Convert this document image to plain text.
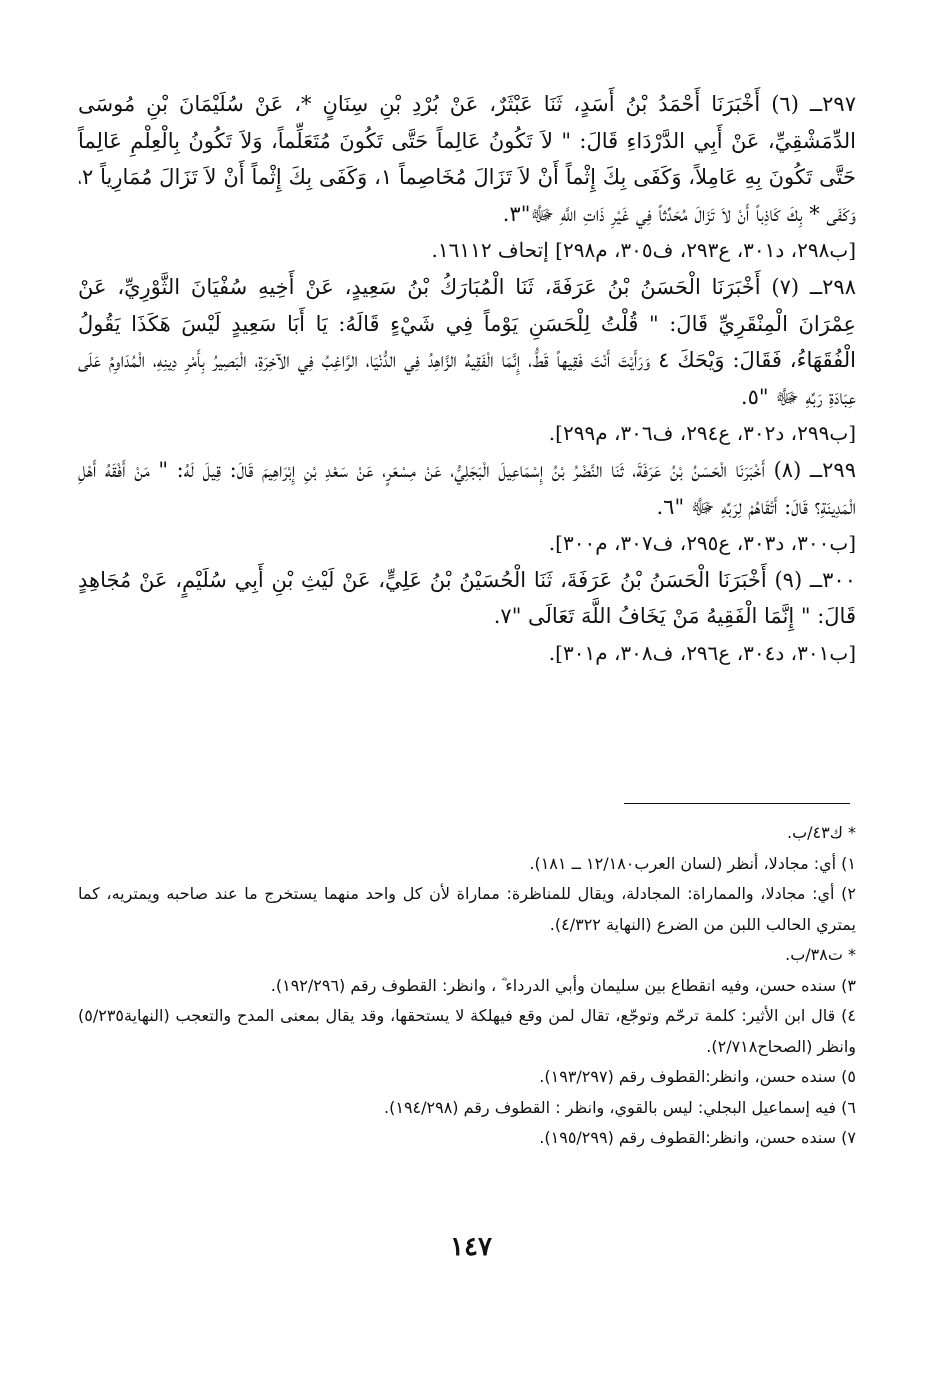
٢٩٧ــ (٦) أَخْبَرَنَا أَحْمَدُ بْنُ أَسَدٍ، ثَنَا عَبْثَرٌ، عَنْ بُرْدِ بْنِ سِنَانٍ *، عَنْ سُلَيْمَانَ بْنِ مُوسَى الدِّمَشْقِيِّ، عَنْ أَبِي الدَّرْدَاءِ قَالَ: " لاَ تَكُونُ عَالِماً حَتَّى تَكُونَ مُتَعَلِّماً، وَلاَ تَكُونُ بِالْعِلْمِ عَالِماً حَتَّى تَكُونَ بِهِ عَامِلاً، وَكَفَى بِكَ إِثْماً أَنْ لاَ تَزَالَ مُخَاصِماً ١، وَكَفَى بِكَ إِثْماً أَنْ لاَ تَزَالَ مُمَارِياً ٢، وَكَفَى * بِكَ كَاذِباً أَنْ لاَ تَزَالَ مُحَدِّثاً فِي غَيْرِ ذَاتِ اللَّهِ ﷻ"٣.

[ب٢٩٨، د٣٠١، ع٢٩٣، ف٣٠٥، م٢٩٨] إتحاف ١٦١١٢.

٢٩٨ــ (٧) أَخْبَرَنَا الْحَسَنُ بْنُ عَرَفَةَ، ثَنَا الْمُبَارَكُ بْنُ سَعِيدٍ، عَنْ أَخِيهِ سُفْيَانَ الثَّوْرِيِّ، عَنْ عِمْرَانَ الْمِنْقَرِيِّ قَالَ: " قُلْتُ لِلْحَسَنِ يَوْماً فِي شَيْءٍ قَالَهُ: يَا أَبَا سَعِيدٍ لَيْسَ هَكَذَا يَقُولُ الْفُقَهَاءُ، فَقَالَ: وَيْحَكَ ٤ وَرَأَيْتَ أَنْتَ فَقِيهاً قَطُّ، إِنَّمَا الْفَقِيهُ الزَّاهِدُ فِي الدُّنْيَا، الرَّاغِبُ فِي الآخِرَةِ، الْبَصِيرُ بِأَمْرِ دِينِهِ، الْمُدَاوِمُ عَلَى عِبَادَةِ رَبِّهِ ﷻ "٥.

[ب٢٩٩، د٣٠٢، ع٢٩٤، ف٣٠٦، م٢٩٩].

٢٩٩ــ (٨) أَخْبَرَنَا الْحَسَنُ بْنُ عَرَفَةَ، ثَنَا النَّضْرُ بْنُ إِسْمَاعِيلَ الْبَجَلِيُّ، عَنْ مِسْعَرٍ، عَنْ سَعْدِ بْنِ إِبْرَاهِيمَ قَالَ: قِيلَ لَهُ: " مَنْ أَفْقَهُ أَهْلِ الْمَدِينَةِ؟ قَالَ: أَتْقَاهُمْ لِرَبِّهِ ﷻ "٦.

[ب٣٠٠، د٣٠٣، ع٢٩٥، ف٣٠٧، م٣٠٠].

٣٠٠ــ (٩) أَخْبَرَنَا الْحَسَنُ بْنُ عَرَفَةَ، ثَنَا الْحُسَيْنُ بْنُ عَلِيٍّ، عَنْ لَيْثِ بْنِ أَبِي سُلَيْمٍ، عَنْ مُجَاهِدٍ قَالَ: " إِنَّمَا الْفَقِيهُ مَنْ يَخَافُ اللَّهَ تَعَالَى "٧.

[ب٣٠١، د٣٠٤، ع٢٩٦، ف٣٠٨، م٣٠١].

* ك٤٣/ب.

١) أي: مجادلا، أنظر (لسان العرب١٢/١٨٠ ــ ١٨١).

٢) أي: مجادلا، والمماراة: المجادلة، ويقال للمناظرة: مماراة لأن كل واحد منهما يستخرج ما عند صاحبه ويمتريه، كما يمتري الحالب اللبن من الضرع (النهاية ٤/٣٢٢).

* ت٣٨/ب.

٣) سنده حسن، وفيه انقطاع بين سليمان وأبي الدرداء ؓ ، وانظر: القطوف رقم (١٩٢/٢٩٦).

٤) قال ابن الأثير: كلمة ترحّم وتوجّع، تقال لمن وقع فيهلكة لا يستحقها، وقد يقال بمعنى المدح والتعجب (النهاية٥/٢٣٥) وانظر (الصحاح٢/٧١٨).

٥) سنده حسن، وانظر:القطوف رقم (١٩٣/٢٩٧).

٦) فيه إسماعيل البجلي: ليس بالقوي، وانظر : القطوف رقم (١٩٤/٢٩٨).

٧) سنده حسن، وانظر:القطوف رقم (١٩٥/٢٩٩).

١٤٧
